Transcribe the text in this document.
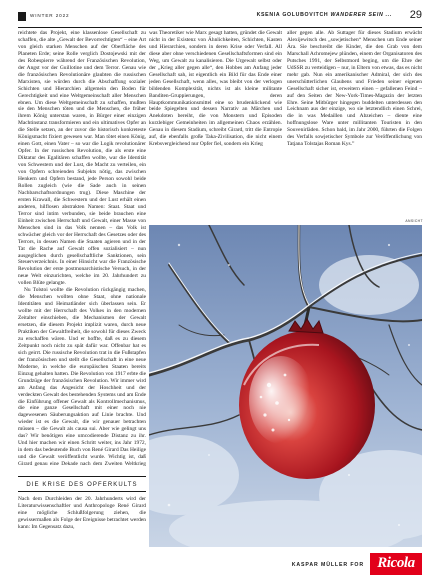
WINTER 2022	KSENIA GOLUBOVITCH WANDERER SEIN ... 29

reichtete das Projekt, eine klassenlose Gesellschaft zu schaffen, die alte „Gewalt der Bevorrechtigten“ – eine Art von gleich starken Menschen auf der Oberfläche des Planeten Erde; seine Rolle verglich Dostojewski mit der des Robespierre während der Französischen Revolution, der Angst vor der Guillotine und dem Terror. Genau wie die französischen Revolutionäre glaubten die russischen Marxisten, sie würden durch die Abschaffung sozialer Schichten und Hierarchien allgemein den Boden für Gerechtigkeit und eine Weltgemeinschaft aller Menschen ebnen. Um diese Weltgemeinschaft zu schaffen, mußten sie den Menschen töten und die Menschen, die früher ihrem König unterstan waren, in Bürger einer einzigen Machtinstanz transformieren und ein ultimatives Opfer an die Stelle setzen, an der zuvor die historisch konkreteste Königsmacht fixiert gewesen war. Man tötet einen König, einen Gott, einen Vater – so war die Logik revolutionärer Opfer. In der russischen Revolution, die als erste eine Diktatur des Egalitären schaffen wollte, war die Identität von Schwestern und der Lust, die Macht zu verteilen, ein von Opfern schreienden Subjekts nötig, das zwischen Henkern und Opfern bestand, jede Person sowohl beide Rollen zugleich (wie die Sade auch in seinen Nachbarschaftsordnungen trug). Diese Maschine der ersten Krawall, die Schwestern und der Lust erhält einen anderen, hilflosen abstrakten Namen: Staat. Staat und Terror sind intim verbunden, sie beide brauchen eine Einheit zwischen Herrschaft und Gewalt, einer Masse von Menschen sind in das Volk nennen – das Volk ist schwächer gleich vor der Herrschaft des Gesetzes oder des Terrors, in dessen Namen die Staaten agieren und in der Tat die Rache auf Gewalt offen sozialisiert – nun ausgeglichen durch gesellschaftliche Sanktionen, sein Steuerverzeichnis. In einer Hinsicht war die Französische Revolution der erste postmonarchistische Versuch, in der neue Welt einzurichten, welche im 20. Jahrhundert zu vollen Blüte gelangte.

Nu Tolstoi wollte die Revolution rückgängig machen, die Menschen wollten ohne Staat, ohne nationale Identitäten und Heimatländer sich überlassen sein. Er wollte mit der Herrschaft des Volkes in den modernen Zeitalter einschieben, die Mechanismen der Gewalt ersetzen, die diesem Projekt implizit waren, durch neue Praktiken der Gewaltfreiheit, die sowohl für dieses Zweck zu erschaffen wären. Und er hoffte, daß es zu diesem Zeitpunkt noch nicht zu spät dafür war. Offenbar hat es sich geirrt. Die russische Revolution trat in die Fußstapfen der französischen und stellt die Gesellschaft in eine neue Moderne, in welche die europäischen Staaten bereits Einzug gehalten hatten. Die Revolution von 1917 erbte die Grundzüge der französischen Revolution. Wir immer wird am Anfang das Angesicht der Hoschheit und der verdeckten Gewalt des bestehenden Systems und am Ende die Einführung offener Gewalt als Kontrollmechanismus, die eine ganze Gesellschaft mit einer noch nie dagewesenen Säuberungsaktion auf Linie brachte. Und wieder ist es die Gewalt, die wir genauer betrachten müssen – die Gewalt als causa sui. Aber wie gelingt uns das? Wir benötigen eine umcodierende Distanz zu ihr. Und hier machen wir einen Schritt weiter, ins Jahr 1972, in dem das bedeutende Buch von René Girard Das Heilige und die Gewalt veröffentlicht wurde. Wichtig ist, daß Girard genau eine Dekade nach dem Zweiten Weltkrieg

was Theoretiker wie Marx gesagt hatten, gründet die Gewalt nicht in der Existenz von Ähnlichkeiten, Schichten, Kasten und Hierarchien, sondern in deren Krise oder Verfall. All diese aber ohne verschiedenen Gesellschaftsformen sind ein Weg, um Gewalt zu kanalisieren. Die Urgewalt selbst oder der „Krieg aller gegen alle“, den Hobbes am Anfang jeder Gesellschaft sah, ist eigentlich ein Bild für das Ende einer jeden Gesellschaft, wenn alles, was bleibt von der verlogen bildenden Komplexität, nichts ist als kleine militante Banditen-Gruppierungen, deren Hauptkommunikationsmittel eine so brudenklickend wie beide Spiegelten und dessen Narrativ an Märchen und Anekdoten bereiht, die von Monstern und Episoden kurzlebiger Gemeinheiten im allgemeinen Chaos erzählen. Genau in diesem Stadium, schreibt Girard, tritt die Entropie auf, die ebenfalls große Taka-Zivilisation, die nicht einem Krebsvergleichend nur Opfer fiel, sondern ein Krieg

aller gegen alle. Ab Suttager für dieses Stadium erwächt Alexijewitsch des „sowjetischen“ Menschen um Ende seiner Ära. Sie beschreibt die Kinder, die den Grab von dem Marschall Achromejew plünden, einem der Organisatoren des Putsches 1991, der Selbstmord beging, um die Ehre der UdSSR zu verteidigen – nur, in Eltern von etwas, das es nicht mehr gab. Nun ein amerikanischer Admiral, der sich des unerschütterlichen Glaubens und Frieden seiner eigenen Gesellschaft sicher ist, erweitern einen – gefallenen Feind – auf den Seiten der New-York-Times-Magazin der letzten Ehre. Seine Mitbürger hingegen buddelten unterdessen den Leichnam aus der einzige, wo sie letztendlich einen Schrei, die in was Medaillen und Abzeichen – diente eine hoffnungslose Ware unter millitanten Touristen in den Souvenirläden. Schon bald, im Jahr 2000, führten die Folgen des Verfalls sowjetischer Symbole zur Veröffentlichung von Tatjana Tolstajas Roman Kys.”

ANSICHT
DIE KRISE DES OPFERKULTS

Nach dem Durchleiden der 20. Jahrhunderts wird der Literaturwissenschaftler und Anthropologe René Girard eine mögliche Schlußfolgerung ziehen, die gewissermaßen als Folge der Ereignisse betrachtet werden kann: Im Gegensatz dazu,

KASPAR MÜLLER FOR Ricola
